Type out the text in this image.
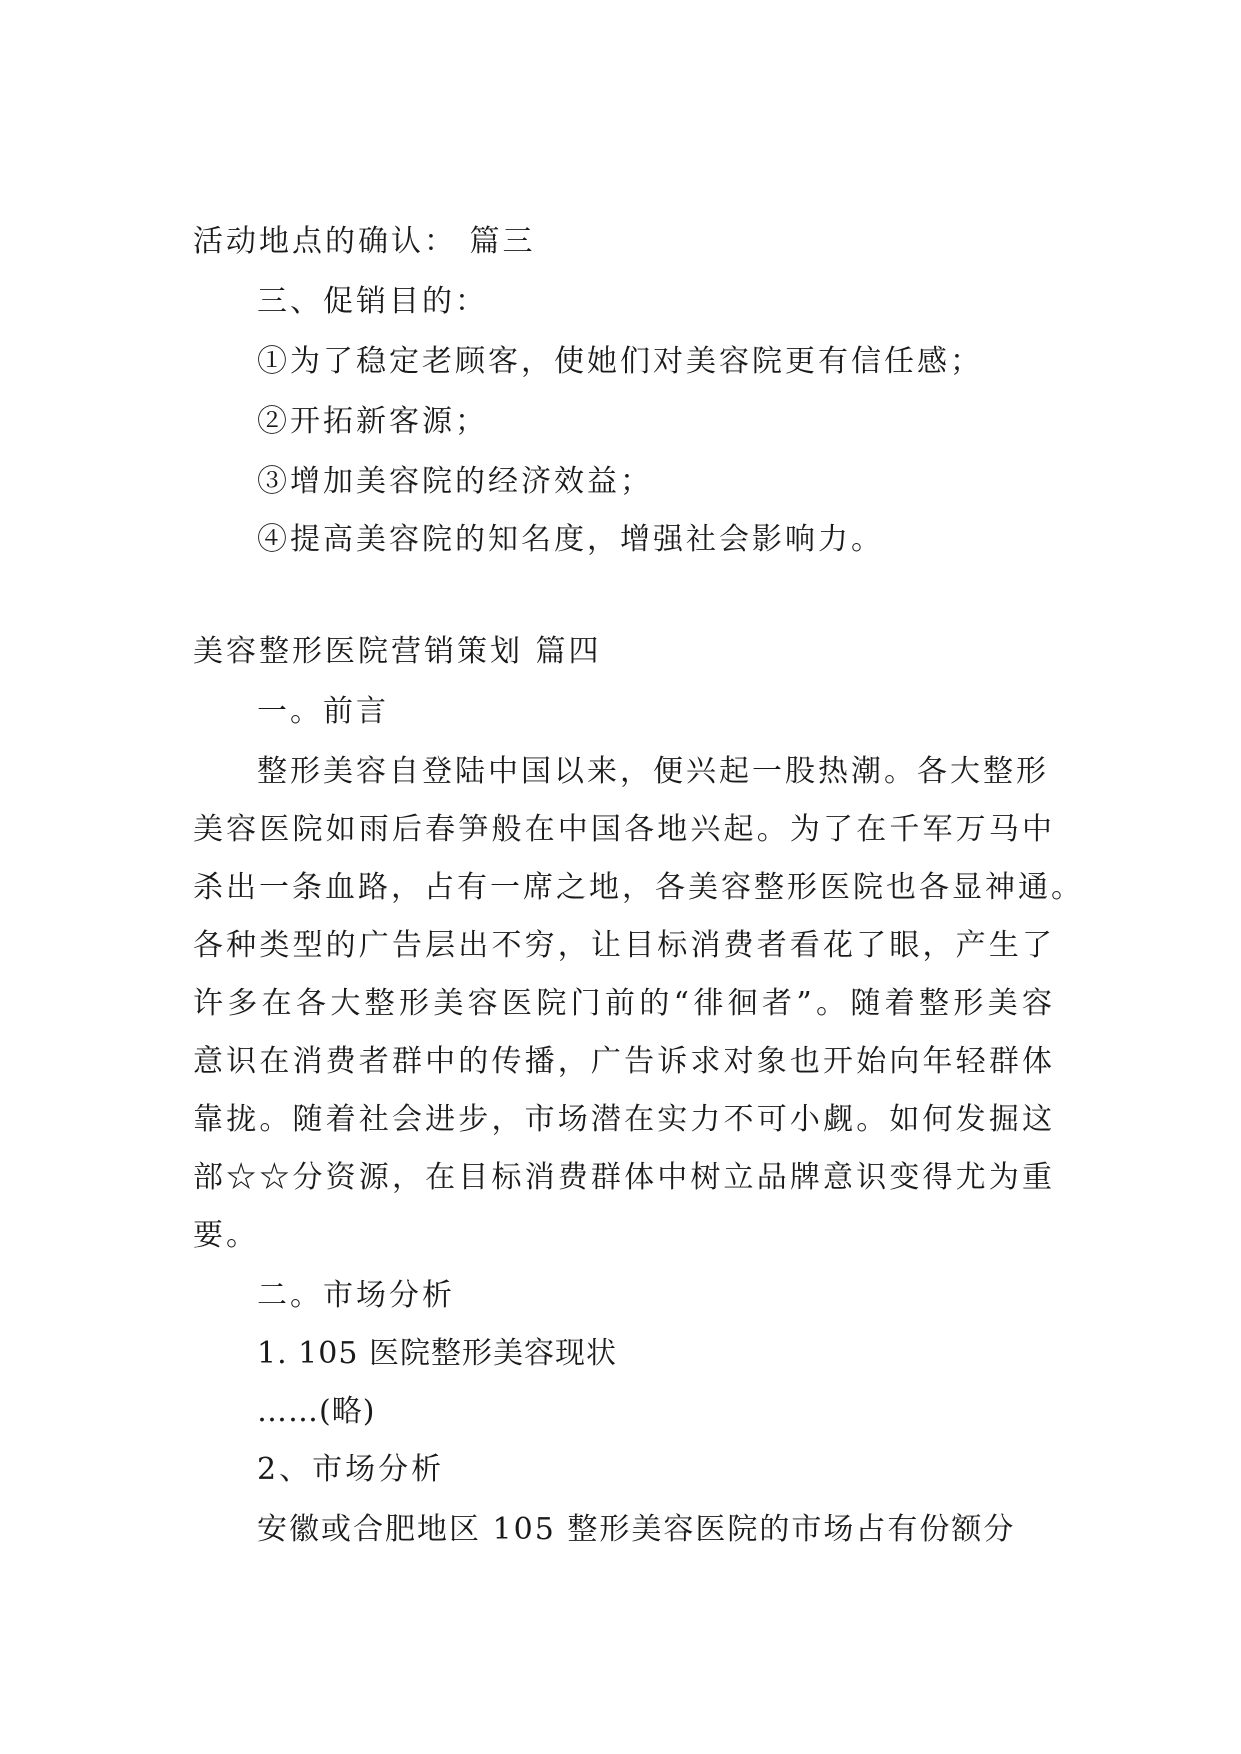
活动地点的确认： 篇三
三、促销目的：
①为了稳定老顾客，使她们对美容院更有信任感；
②开拓新客源；
③增加美容院的经济效益；
④提高美容院的知名度，增强社会影响力。
美容整形医院营销策划 篇四
一。前言
整形美容自登陆中国以来，便兴起一股热潮。各大整形
美容医院如雨后春笋般在中国各地兴起。为了在千军万马中
杀出一条血路，占有一席之地，各美容整形医院也各显神通。
各种类型的广告层出不穷，让目标消费者看花了眼，产生了
许多在各大整形美容医院门前的“徘徊者”。随着整形美容
意识在消费者群中的传播，广告诉求对象也开始向年轻群体
靠拢。随着社会进步，市场潜在实力不可小觑。如何发掘这
部☆☆分资源，在目标消费群体中树立品牌意识变得尤为重
要。
二。市场分析
1. 105 医院整形美容现状
……(略)
2、市场分析
安徽或合肥地区 105 整形美容医院的市场占有份额分
